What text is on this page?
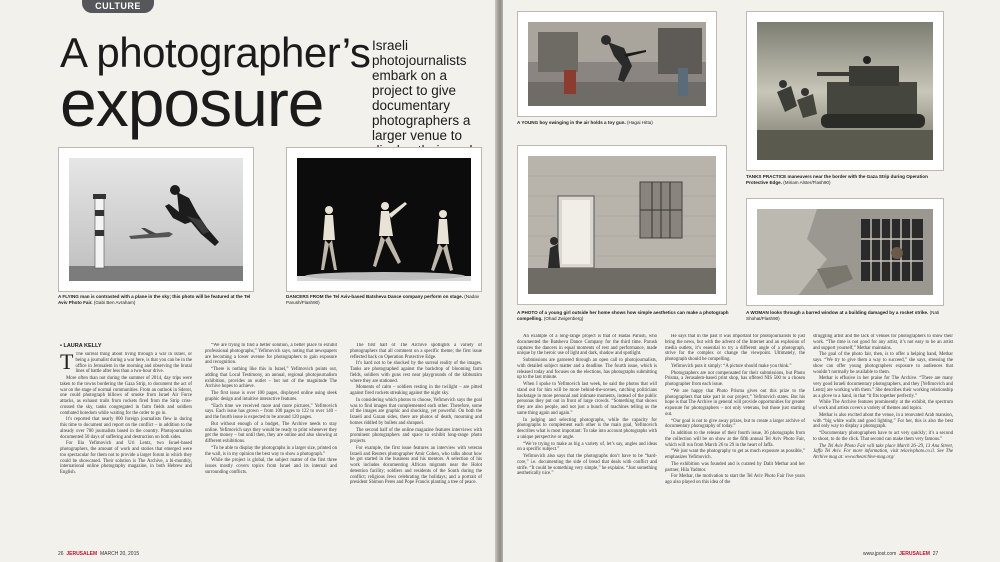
CULTURE
A photographer’s
exposure
Israeli photojournalists embark on a project to give documentary photographers a larger venue to
A FLYING man is contrasted with a plane in the sky; this photo will be featured at the Tel Aviv Photo Fair. (Gabi Ben Avraham)
DANCERS FROM the Tel Aviv-based Batsheva Dance company perform on stage. (Nadav Parush/Flash90)
• LAURA KELLY

T The surreal thing about living through a war in Israel, or being a journalist during a war here, is that you can be in the office in Jerusalem in the morning and observing the brutal lines of battle after less than a two-hour drive.

More often than not during the summer of 2014, day trips were taken to the towns bordering the Gaza Strip, to document the act of war on the stage of normal communities. From an outlook in Sderot, one could photograph billows of smoke from Israel Air Force attacks, as exhaust trails from rockets fired from the Strip criss-crossed the sky, tanks congregated in farm fields and soldiers combated boredom while waiting for the order to go in.

It’s reported that nearly 800 foreign journalists flew in during this time to document and report on the conflict – in addition to the already over 700 journalists based in the country. Photojournalists documented 50 days of suffering and destruction on both sides.

For Ilia Yefimovich and Uri Lentz, two Israel-based photographers, the amount of work and stories that emerged were too spectacular for them not to provide a larger forum in which they could be showcased. Their solution is The Archive, a bi-monthly, international online photography magazine, in both Hebrew and English.

“We are trying to find a better solution, a better place to exhibit professional photographs,” Yefimovich says, noting that newspapers are becoming a lower avenue for photographers to gain exposure and recognition.

“There is nothing like this in Israel,” Yefimovich points out, adding that Local Testimony, an annual, regional photojournalism exhibition, provides an outlet – but not of the magnitude The Archive hopes to achieve.

The first issue is over 100 pages, displayed online using sleek graphic design and intuitive interactive features.

“Each time we received more and more pictures,” Yefimovich says. Each issue has grown – from 100 pages to 122 to over 140 – and the fourth issue is expected to be around 120 pages.

But without enough of a budget, The Archive needs to stay online. Yefimovich says they would be ready to print whenever they get the money – but until then, they are online and also showing at different exhibitions.

“To be able to display the photographs in a larger size, printed on the wall, is in my opinion the best way to show a photograph.”

While the project is global, the subject matter of the first three issues mostly covers topics from Israel and its internal and surrounding conflicts.

The first half of The Archive spotlights a variety of photographers that all comment on a specific theme; the first issue reflected back on Operation Protective Edge.

It’s hard not to be shocked by the surreal reality of the images. Tanks are photographed against the backdrop of blooming farm fields, soldiers with guns rest near playgrounds of the kibbutzim where they are stationed.

Moments of calm – soldiers resting in the twilight – are pitted against fired rockets streaking against the night sky.

In considering which photos to choose, Yefimovich says the goal was to find images that complemented each other. Therefore, some of the images are graphic and shocking, yet powerful. On both the Israeli and Gazan sides, there are photos of death, mourning and homes riddled by bullets and shrapnel.

The second half of the online magazine features interviews with prominent photographers and space to exhibit long-range photo projects.

For example, the first issue features an interview with veteran Israeli and Reuters photographer Amir Cohen, who talks about how he got started in the business and his mentors. A selection of his work includes documenting African migrants near the Holot detention facility; soldiers and residents of the South during the conflict; religious Jews celebrating the holidays; and a portrait of president Shimon Peres and Pope Francis planting a tree of peace.

26 JERUSALEM MARCH 20, 2015
A YOUNG boy swinging in the air holds a toy gun. (Hagai Hitta)
TANKS PRACTICE maneuvers near the border with the Gaza Strip during Operation Protective Edge. (Miriam Alster/Flash90)
A PHOTO of a young girl outside her home shows how simple aesthetics can make a photograph compelling. (Ohad Zwigenberg)
A WOMAN looks through a barred window at a building damaged by a rocket strike. (Nati Shohat/Flash90)

An example of a long-range project is that of Hadas Parush, who documented the Batsheva Dance Company for the third time. Parush captures the dancers in equal moments of rest and performance, made unique by the heroic use of light and dark, shadow and spotlight.

Submissions are garnered through an open call to photojournalists, with detailed subject matter and a deadline. The fourth issue, which is released today and focuses on the elections, has photographs submitting up to the last minute.

When I spoke to Yefimovich last week, he said the photos that will stand out for him will be more behind-the-scenes, catching politicians backstage in more personal and intimate moments, instead of the public personas they put out in front of large crowds. “Something that shows they are also people, and not just a bunch of machines telling us the same thing again and again.”

In judging and selecting photographs, while the capacity for photographs to complement each other is the main goal, Yefimovich describes what is most important: To take into account photographs with a unique perspective or angle.

“We’re trying to make as big a variety of, let’s say, angles and ideas on a specific subject.”

Yefimovich also says that the photographs don’t have to be “hard-core,” i.e. documenting the side of bread that deals with conflict and strife. “It could be something very simple,” he explains. “Just something aesthetically nice.”

He says that in the past it was important for photojournalists to just bring the news, but with the advent of the Internet and an explosion of media outlets, it’s essential to try a different angle of a photograph, strive for the complex or change the viewpoint. Ultimately, the photograph should be compelling.

Yefimovich puts it simply: “A picture should make you think.”

Photographers are not compensated for their submissions, but Photo Prisma, a Jerusalem-based print shop, has offered NIS 500 to a chosen photographer from each issue.

“We are happy that Photo Prisma gives out this prize to the photographers that take part in our project,” Yefimovich states. But his hope is that The Archive in general will provide opportunities for greater exposure for photographers – not only veterans, but those just starting out.

“Our goal is not to give away prizes, but to create a larger archive of documentary photography of today.”

In addition to the release of their fourth issue, 36 photographs from the collection will be on show at the fifth annual Tel Aviv Photo Fair, which will run from March 26 to 29 in the heart of Jaffa.

“We just want the photography to get as much exposure as possible,” emphasizes Yefimovich.

The exhibition was founded and is curated by Dalit Methar and her partner, Hila Yadmor.

For Methar, the motivation to start the Tel Aviv Photo Fair five years ago also played on this idea of the

struggling artist and the lack of venues for photographers to show their work. “The time is not good for any artist, it’s not easy to be an artist and support yourself,” Methar maintains.

The goal of the photo fair, then, is to offer a helping hand, Methar says. “We try to give them a way to succeed,” she says, stressing the show can offer young photographers exposure to audiences that wouldn’t normally be available to them.

Methar is effusive in her praise for The Archive. “There are many very good Israeli documentary photographers, and they [Yefimovich and Lentz] are working with them.” She describes their working relationship as a glove to a hand, in that “it fits together perfectly.”

While The Archive features prominently at the exhibit, the spectrum of work and artists covers a variety of themes and topics.

Methar is also excited about the venue, in a renovated Arab mansion, with “big white walls and good lighting.” For her, this is also the best and only way to display a photograph.

“Documentary photographers have to act very quickly; it’s a second to shoot, to do the click. That second can make them very famous.”

The Tel Aviv Photo Fair will take place March 26–29, 13 Ana Street, Jaffa Tel Aviv. For more information, visit telavivphoto.co.il. See The Archive mag at: www.thearchive-mag.org/

www.jpost.com JERUSALEM 27
